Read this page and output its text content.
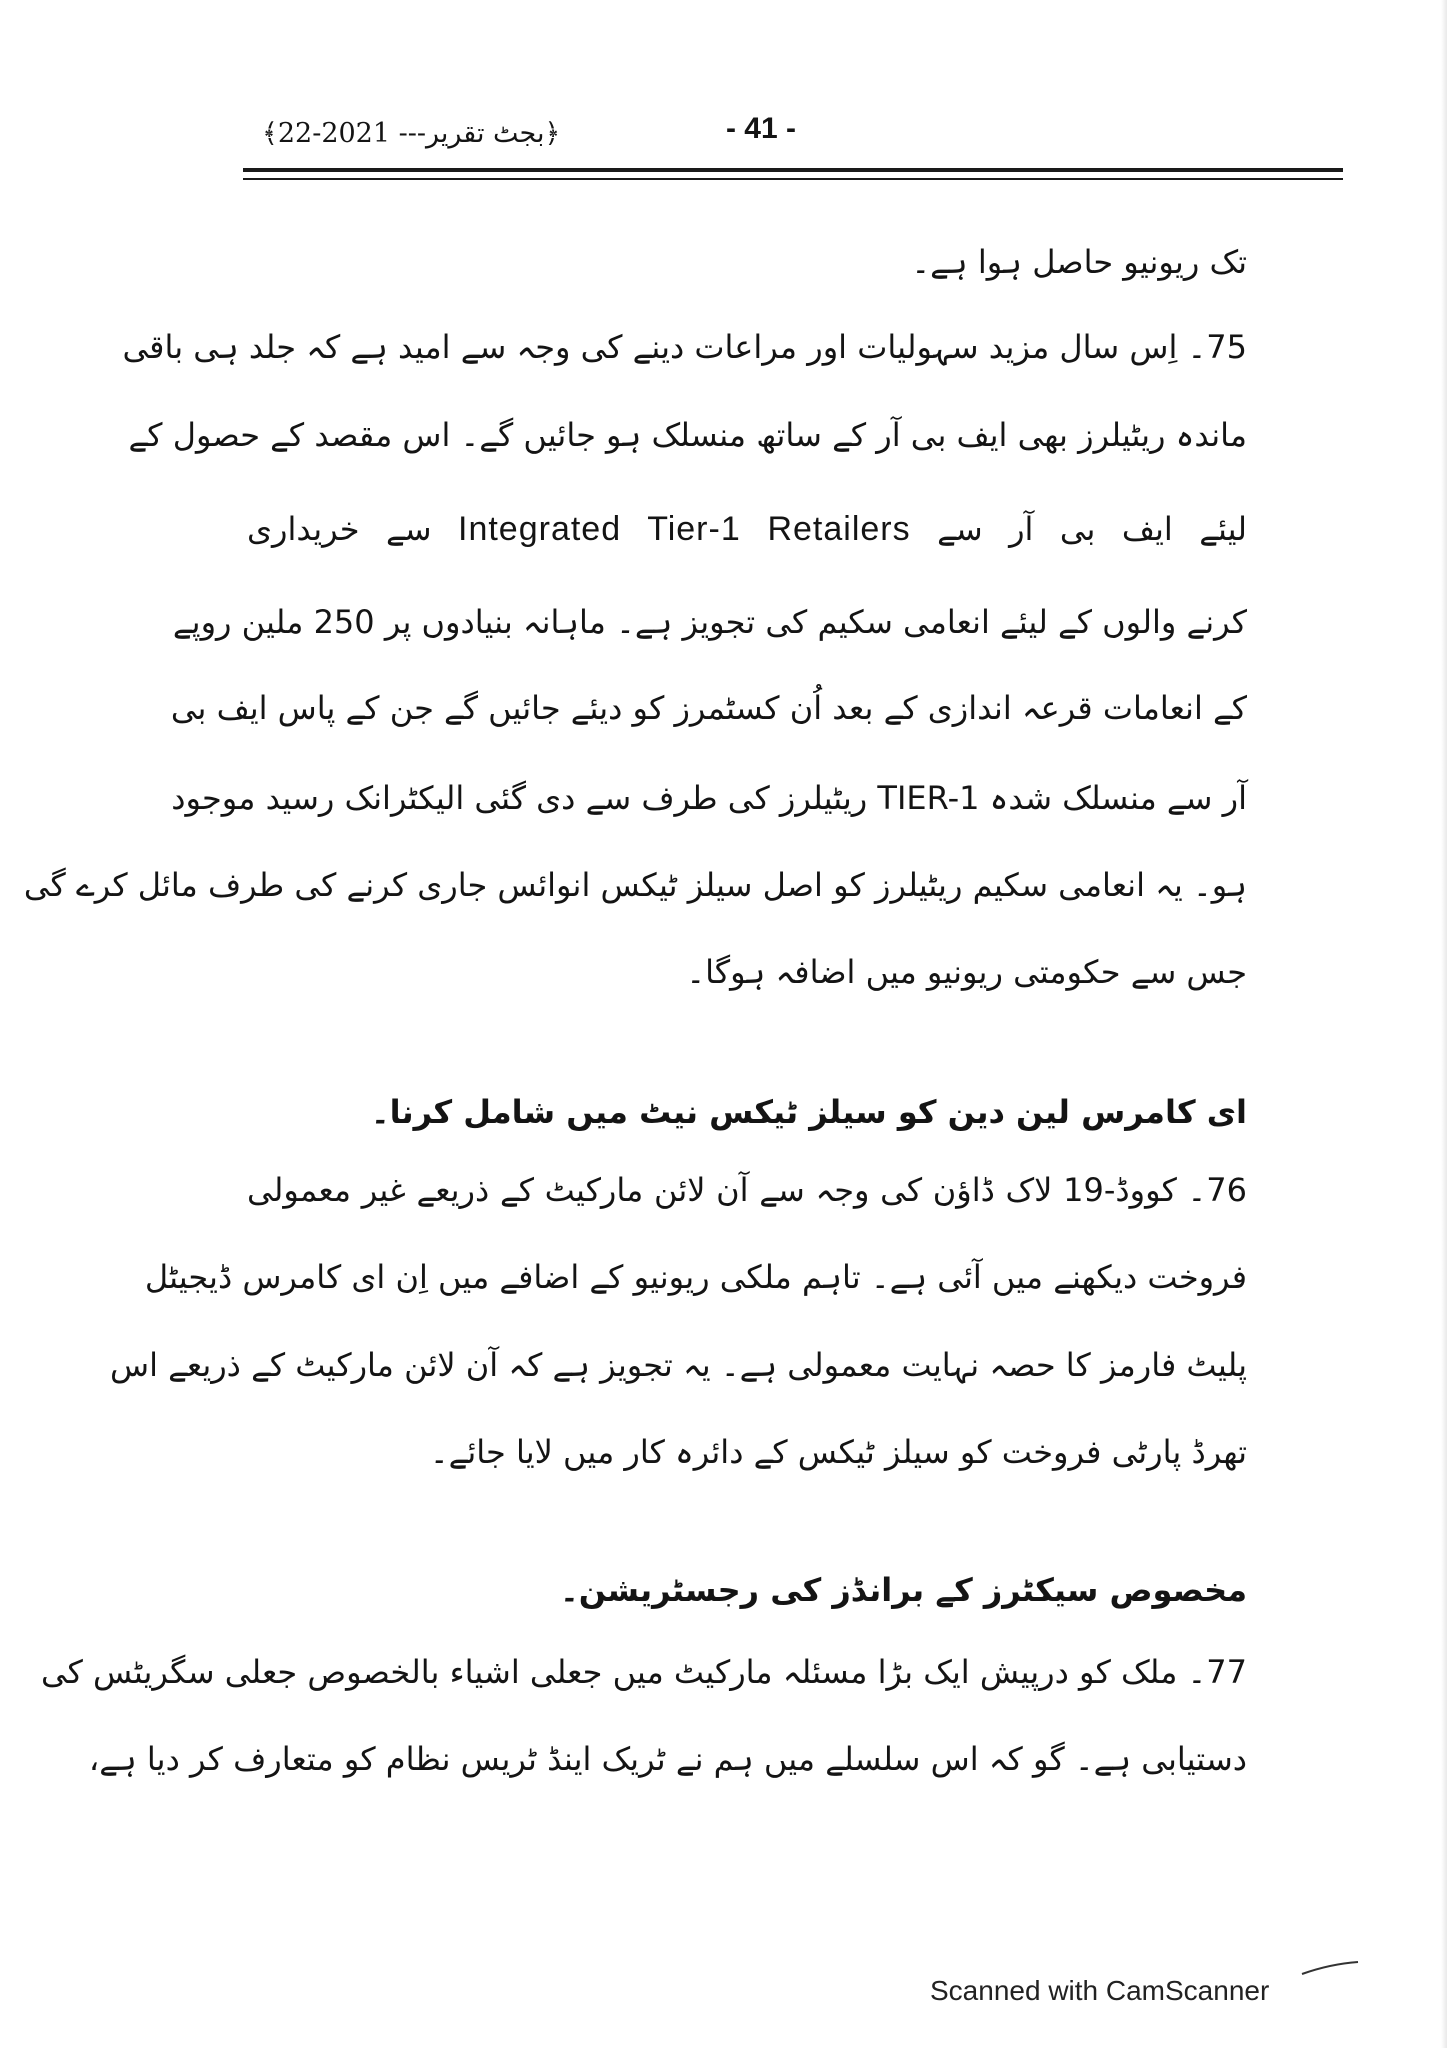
﴿بجٹ تقریر--- 2021-22﴾	- 41 -
تک ریونیو حاصل ہوا ہے۔
75۔ اِس سال مزید سہولیات اور مراعات دینے کی وجہ سے امید ہے کہ جلد ہی باقی
ماندہ ریٹیلرز بھی ایف بی آر کے ساتھ منسلک ہو جائیں گے۔ اس مقصد کے حصول کے
لیئے ایف بی آر سے Integrated Tier-1 Retailers سے خریداری
کرنے والوں کے لیئے انعامی سکیم کی تجویز ہے۔ ماہانہ بنیادوں پر 250 ملین روپے
کے انعامات قرعہ اندازی کے بعد اُن کسٹمرز کو دیئے جائیں گے جن کے پاس ایف بی
آر سے منسلک شدہ TIER-1 ریٹیلرز کی طرف سے دی گئی الیکٹرانک رسید موجود
ہو۔ یہ انعامی سکیم ریٹیلرز کو اصل سیلز ٹیکس انوائس جاری کرنے کی طرف مائل کرے گی
جس سے حکومتی ریونیو میں اضافہ ہوگا۔
ای کامرس لین دین کو سیلز ٹیکس نیٹ میں شامل کرنا۔
76۔ کووڈ-19 لاک ڈاؤن کی وجہ سے آن لائن مارکیٹ کے ذریعے غیر معمولی
فروخت دیکھنے میں آئی ہے۔ تاہم ملکی ریونیو کے اضافے میں اِن ای کامرس ڈیجیٹل
پلیٹ فارمز کا حصہ نہایت معمولی ہے۔ یہ تجویز ہے کہ آن لائن مارکیٹ کے ذریعے اس
تھرڈ پارٹی فروخت کو سیلز ٹیکس کے دائرہ کار میں لایا جائے۔
مخصوص سیکٹرز کے برانڈز کی رجسٹریشن۔
77۔ ملک کو درپیش ایک بڑا مسئلہ مارکیٹ میں جعلی اشیاء بالخصوص جعلی سگریٹس کی
دستیابی ہے۔ گو کہ اس سلسلے میں ہم نے ٹریک اینڈ ٹریس نظام کو متعارف کر دیا ہے،
Scanned with CamScanner
